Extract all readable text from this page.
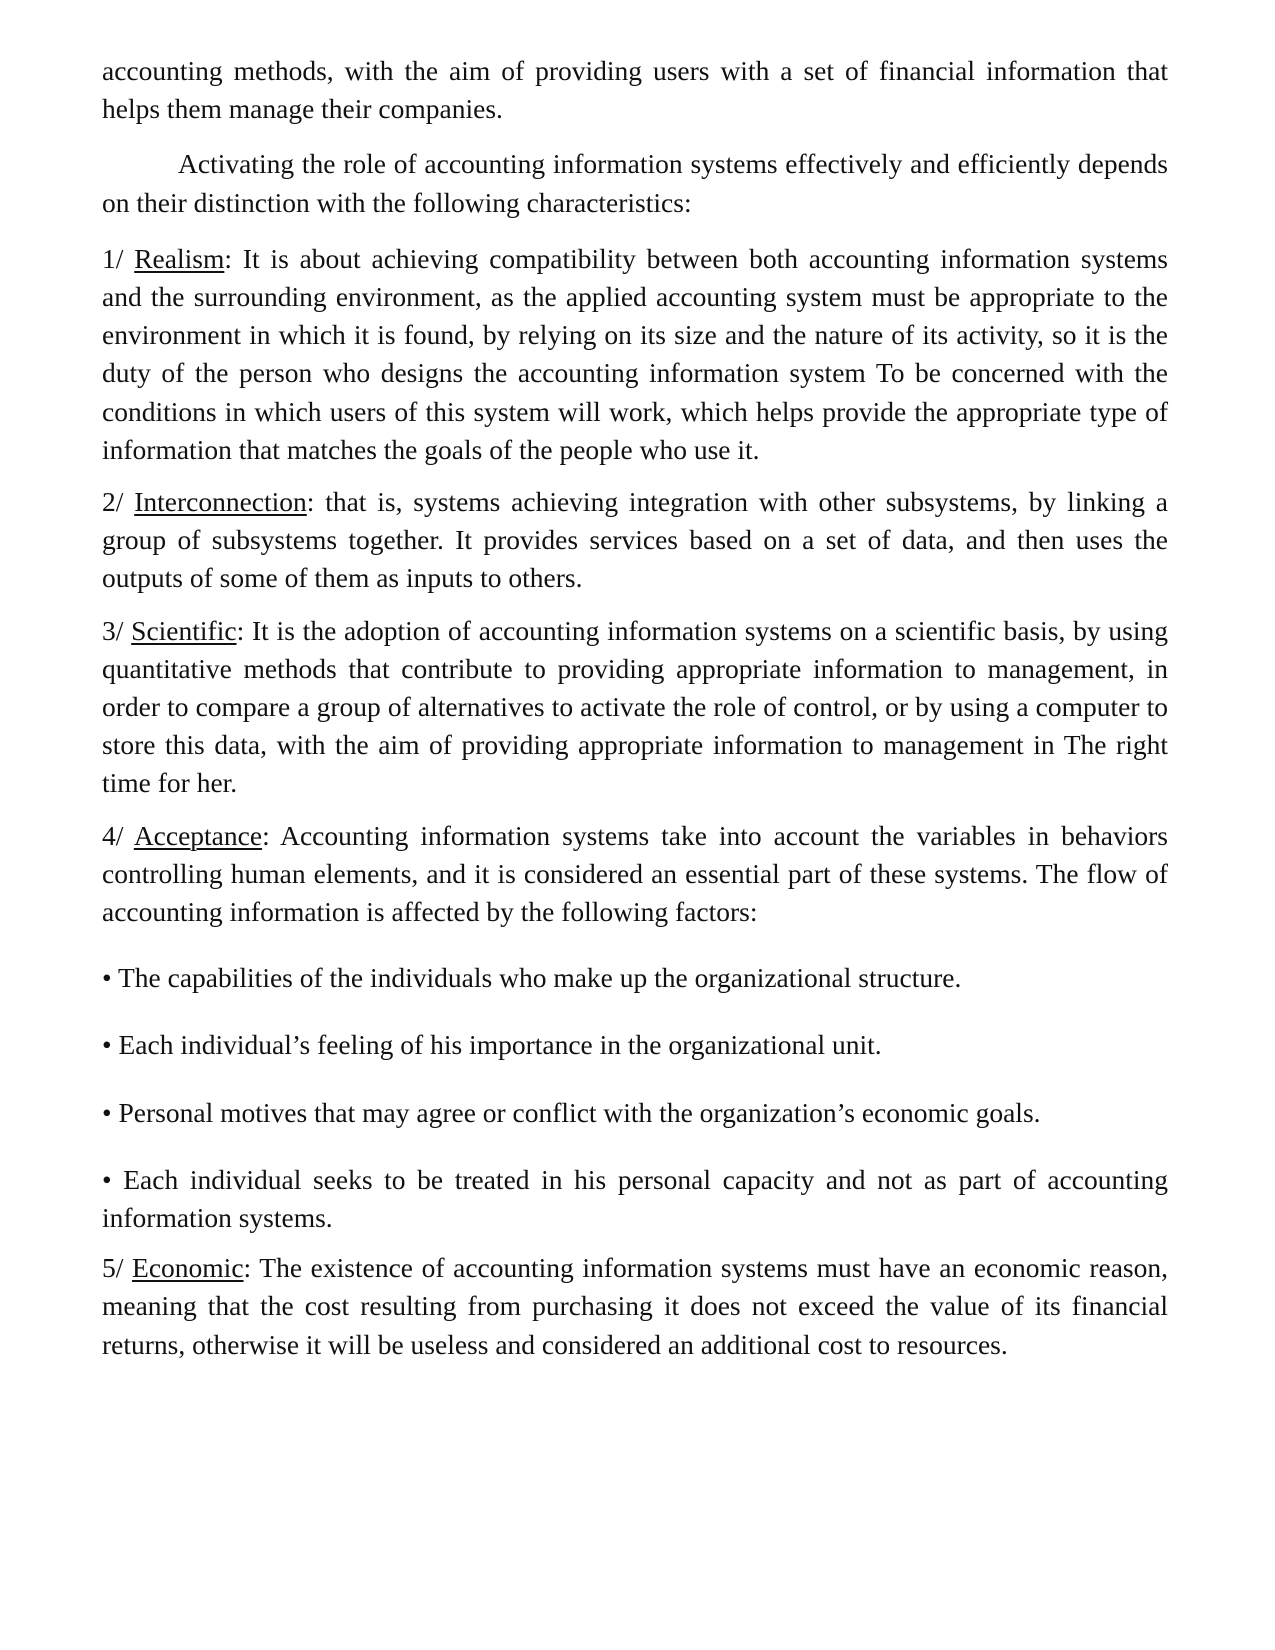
accounting methods, with the aim of providing users with a set of financial information that helps them manage their companies.

Activating the role of accounting information systems effectively and efficiently depends on their distinction with the following characteristics:

1/ Realism: It is about achieving compatibility between both accounting information systems and the surrounding environment, as the applied accounting system must be appropriate to the environment in which it is found, by relying on its size and the nature of its activity, so it is the duty of the person who designs the accounting information system To be concerned with the conditions in which users of this system will work, which helps provide the appropriate type of information that matches the goals of the people who use it.

2/ Interconnection: that is, systems achieving integration with other subsystems, by linking a group of subsystems together. It provides services based on a set of data, and then uses the outputs of some of them as inputs to others.

3/ Scientific: It is the adoption of accounting information systems on a scientific basis, by using quantitative methods that contribute to providing appropriate information to management, in order to compare a group of alternatives to activate the role of control, or by using a computer to store this data, with the aim of providing appropriate information to management in The right time for her.

4/ Acceptance: Accounting information systems take into account the variables in behaviors controlling human elements, and it is considered an essential part of these systems. The flow of accounting information is affected by the following factors:

• The capabilities of the individuals who make up the organizational structure.

• Each individual’s feeling of his importance in the organizational unit.

• Personal motives that may agree or conflict with the organization’s economic goals.

• Each individual seeks to be treated in his personal capacity and not as part of accounting information systems.

5/ Economic: The existence of accounting information systems must have an economic reason, meaning that the cost resulting from purchasing it does not exceed the value of its financial returns, otherwise it will be useless and considered an additional cost to resources.
